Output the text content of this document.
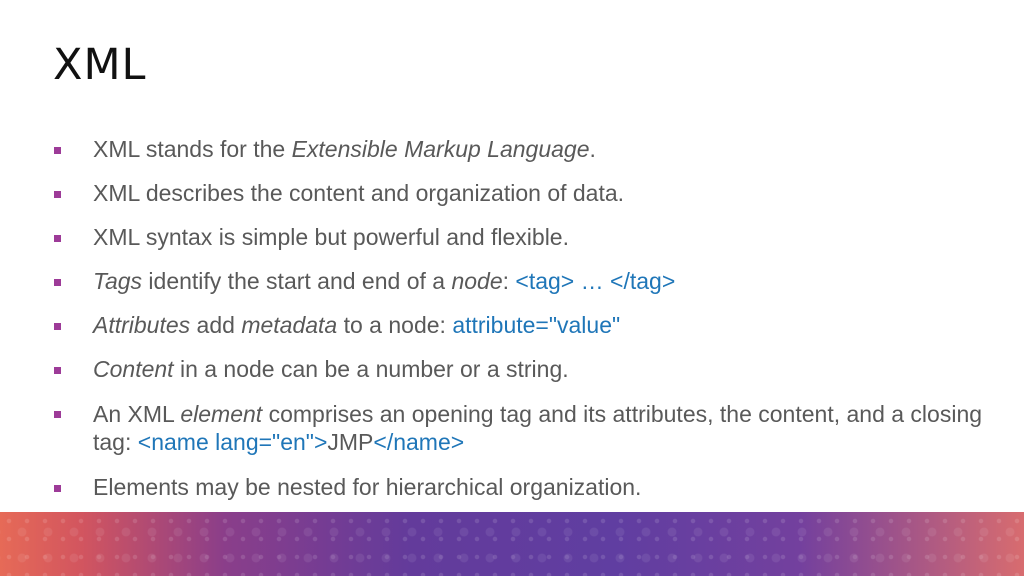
XML
XML stands for the Extensible Markup Language.
XML describes the content and organization of data.
XML syntax is simple but powerful and flexible.
Tags identify the start and end of a node: <tag> … </tag>
Attributes add metadata to a node: attribute="value"
Content in a node can be a number or a string.
An XML element comprises an opening tag and its attributes, the content, and a closing tag: <name lang="en">JMP</name>
Elements may be nested for hierarchical organization.
